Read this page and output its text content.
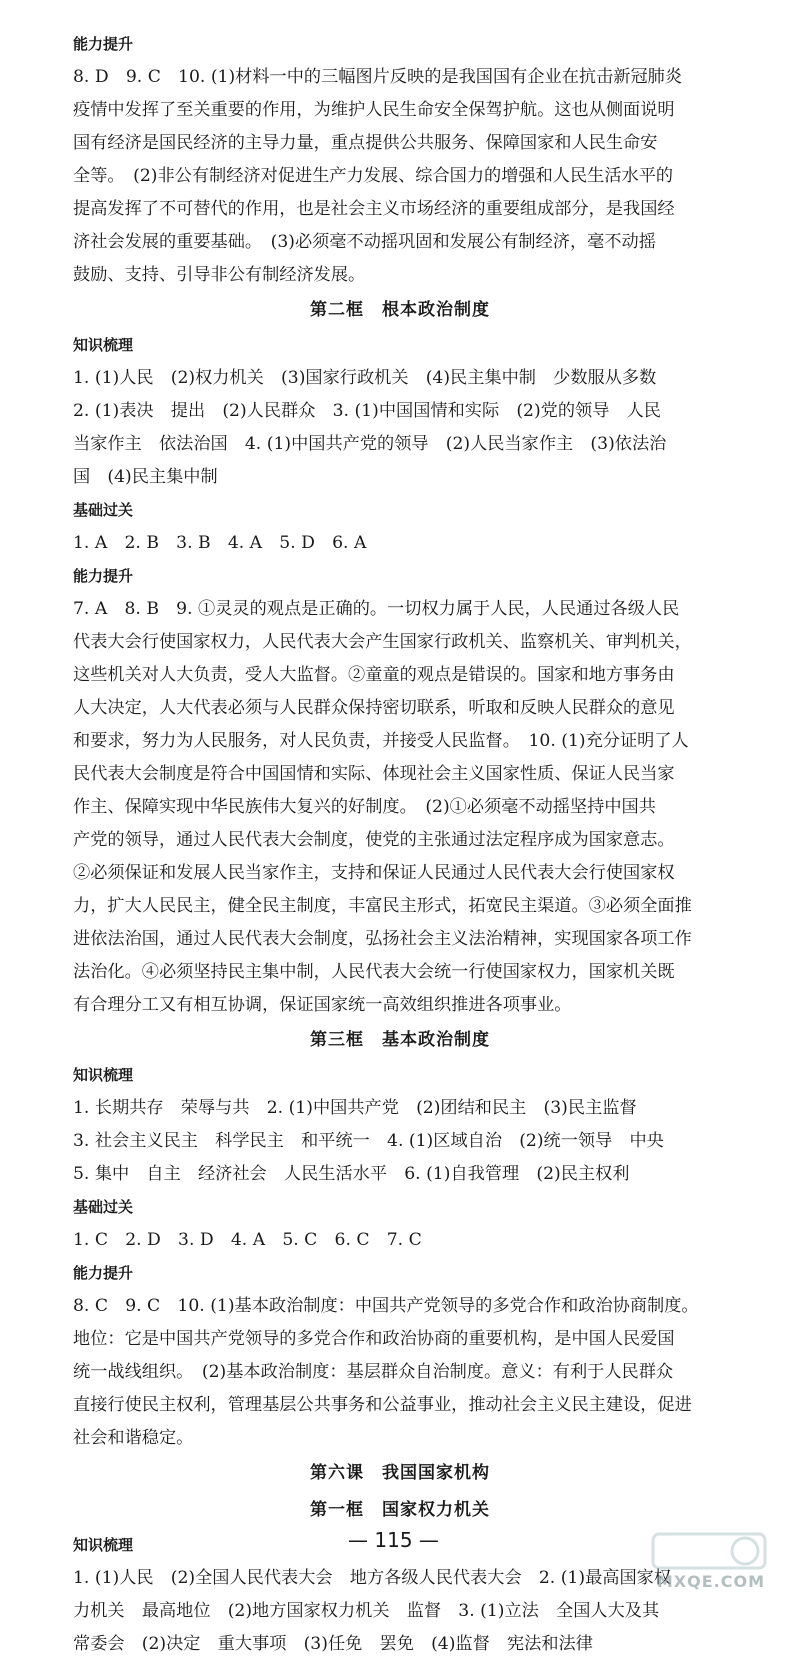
能力提升
8. D　9. C　10. (1)材料一中的三幅图片反映的是我国国有企业在抗击新冠肺炎
疫情中发挥了至关重要的作用，为维护人民生命安全保驾护航。这也从侧面说明
国有经济是国民经济的主导力量，重点提供公共服务、保障国家和人民生命安
全等。　(2)非公有制经济对促进生产力发展、综合国力的增强和人民生活水平的
提高发挥了不可替代的作用，也是社会主义市场经济的重要组成部分，是我国经
济社会发展的重要基础。　(3)必须毫不动摇巩固和发展公有制经济，毫不动摇
鼓励、支持、引导非公有制经济发展。
第二框　根本政治制度
知识梳理
1. (1)人民　(2)权力机关　(3)国家行政机关　(4)民主集中制　少数服从多数
2. (1)表决　提出　(2)人民群众　3. (1)中国国情和实际　(2)党的领导　人民
当家作主　依法治国　4. (1)中国共产党的领导　(2)人民当家作主　(3)依法治
国　(4)民主集中制
基础过关
1. A　2. B　3. B　4. A　5. D　6. A
能力提升
7. A　8. B　9. ①灵灵的观点是正确的。一切权力属于人民，人民通过各级人民
代表大会行使国家权力，人民代表大会产生国家行政机关、监察机关、审判机关，
这些机关对人大负责，受人大监督。②童童的观点是错误的。国家和地方事务由
人大决定，人大代表必须与人民群众保持密切联系，听取和反映人民群众的意见
和要求，努力为人民服务，对人民负责，并接受人民监督。　10. (1)充分证明了人
民代表大会制度是符合中国国情和实际、体现社会主义国家性质、保证人民当家
作主、保障实现中华民族伟大复兴的好制度。　(2)①必须毫不动摇坚持中国共
产党的领导，通过人民代表大会制度，使党的主张通过法定程序成为国家意志。
②必须保证和发展人民当家作主，支持和保证人民通过人民代表大会行使国家权
力，扩大人民民主，健全民主制度，丰富民主形式，拓宽民主渠道。③必须全面推
进依法治国，通过人民代表大会制度，弘扬社会主义法治精神，实现国家各项工作
法治化。④必须坚持民主集中制，人民代表大会统一行使国家权力，国家机关既
有合理分工又有相互协调，保证国家统一高效组织推进各项事业。
第三框　基本政治制度
知识梳理
1. 长期共存　荣辱与共　2. (1)中国共产党　(2)团结和民主　(3)民主监督
3. 社会主义民主　科学民主　和平统一　4. (1)区域自治　(2)统一领导　中央
5. 集中　自主　经济社会　人民生活水平　6. (1)自我管理　(2)民主权利
基础过关
1. C　2. D　3. D　4. A　5. C　6. C　7. C
能力提升
8. C　9. C　10. (1)基本政治制度：中国共产党领导的多党合作和政治协商制度。
地位：它是中国共产党领导的多党合作和政治协商的重要机构，是中国人民爱国
统一战线组织。　(2)基本政治制度：基层群众自治制度。意义：有利于人民群众
直接行使民主权利，管理基层公共事务和公益事业，推动社会主义民主建设，促进
社会和谐稳定。
第六课　我国国家机构
第一框　国家权力机关
知识梳理
1. (1)人民　(2)全国人民代表大会　地方各级人民代表大会　2. (1)最高国家权
力机关　最高地位　(2)地方国家权力机关　监督　3. (1)立法　全国人大及其
常委会　(2)决定　重大事项　(3)任免　罢免　(4)监督　宪法和法律
— 115 —
MXQE.COM
